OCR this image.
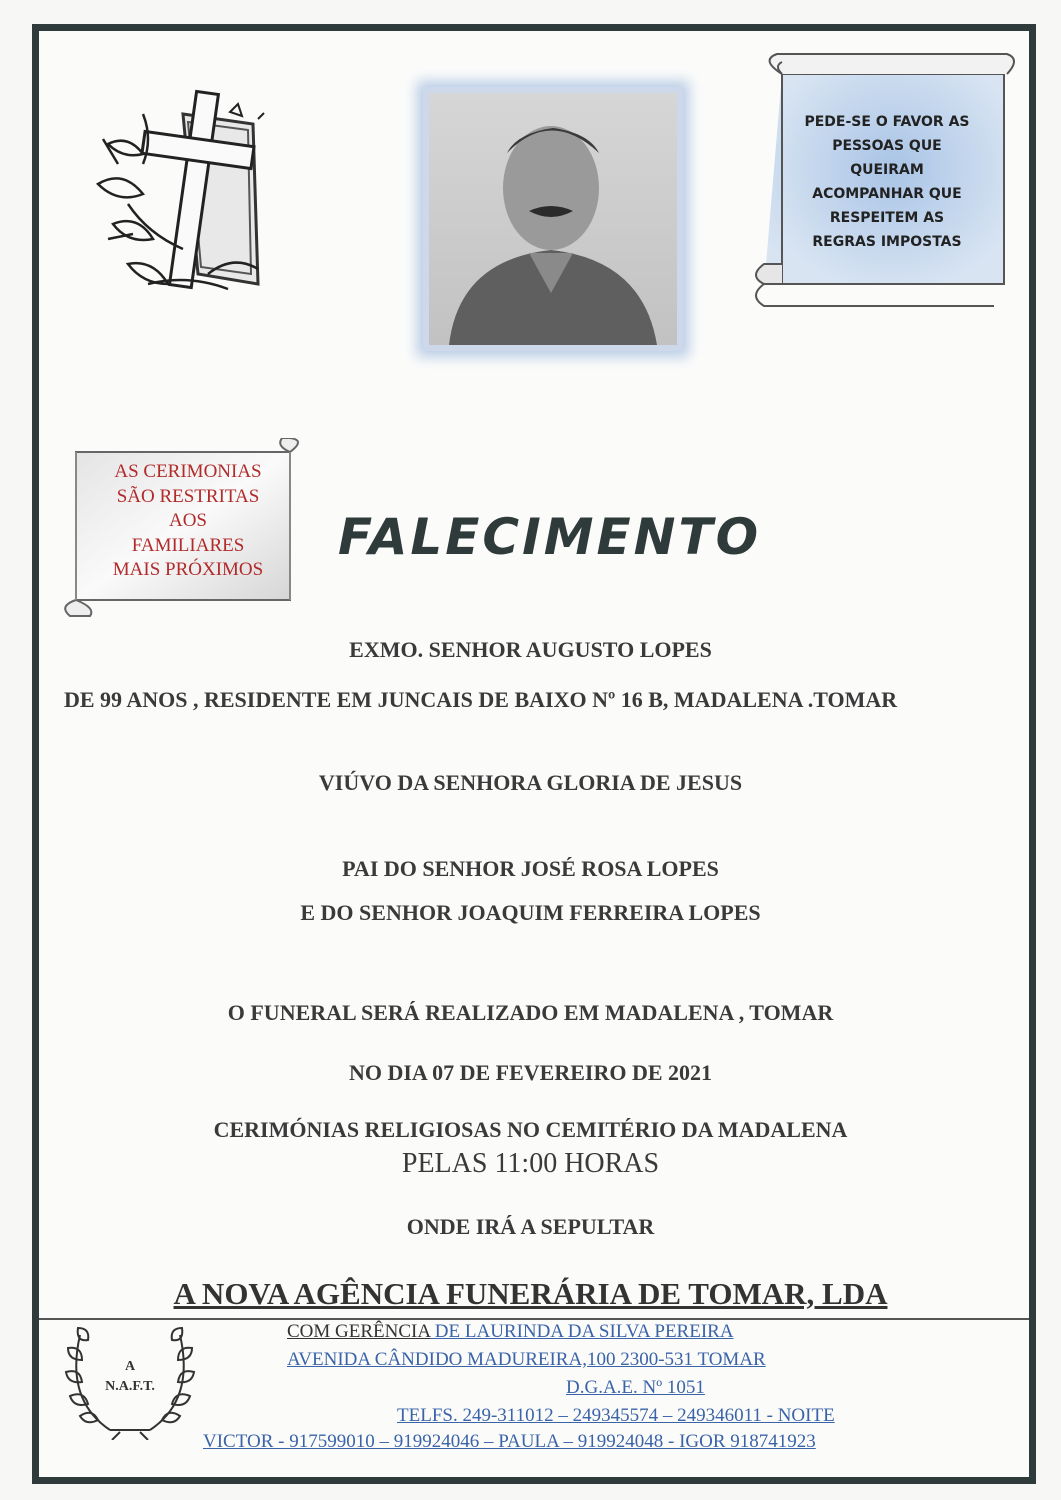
PEDE-SE O FAVOR AS
PESSOAS QUE
QUEIRAM
ACOMPANHAR QUE
RESPEITEM AS
REGRAS IMPOSTAS
AS CERIMONIAS
SÃO RESTRITAS
AOS
FAMILIARES
MAIS PRÓXIMOS
FALECIMENTO
EXMO. SENHOR AUGUSTO LOPES
DE 99 ANOS , RESIDENTE EM JUNCAIS DE BAIXO Nº 16 B, MADALENA .TOMAR
VIÚVO DA SENHORA GLORIA DE JESUS
PAI DO SENHOR JOSÉ ROSA LOPES
E DO SENHOR JOAQUIM FERREIRA LOPES
O FUNERAL SERÁ REALIZADO EM MADALENA , TOMAR
NO DIA 07 DE FEVEREIRO DE 2021
CERIMÓNIAS RELIGIOSAS NO CEMITÉRIO DA MADALENA
PELAS 11:00 HORAS
ONDE IRÁ A SEPULTAR
A NOVA AGÊNCIA FUNERÁRIA DE TOMAR, LDA
A
N.A.F.T.
COM GERÊNCIA DE LAURINDA DA SILVA PEREIRA
AVENIDA CÂNDIDO MADUREIRA,100 2300-531 TOMAR
D.G.A.E. Nº 1051
TELFS. 249-311012 – 249345574 – 249346011 - NOITE
VICTOR - 917599010 – 919924046 – PAULA – 919924048 - IGOR 918741923
